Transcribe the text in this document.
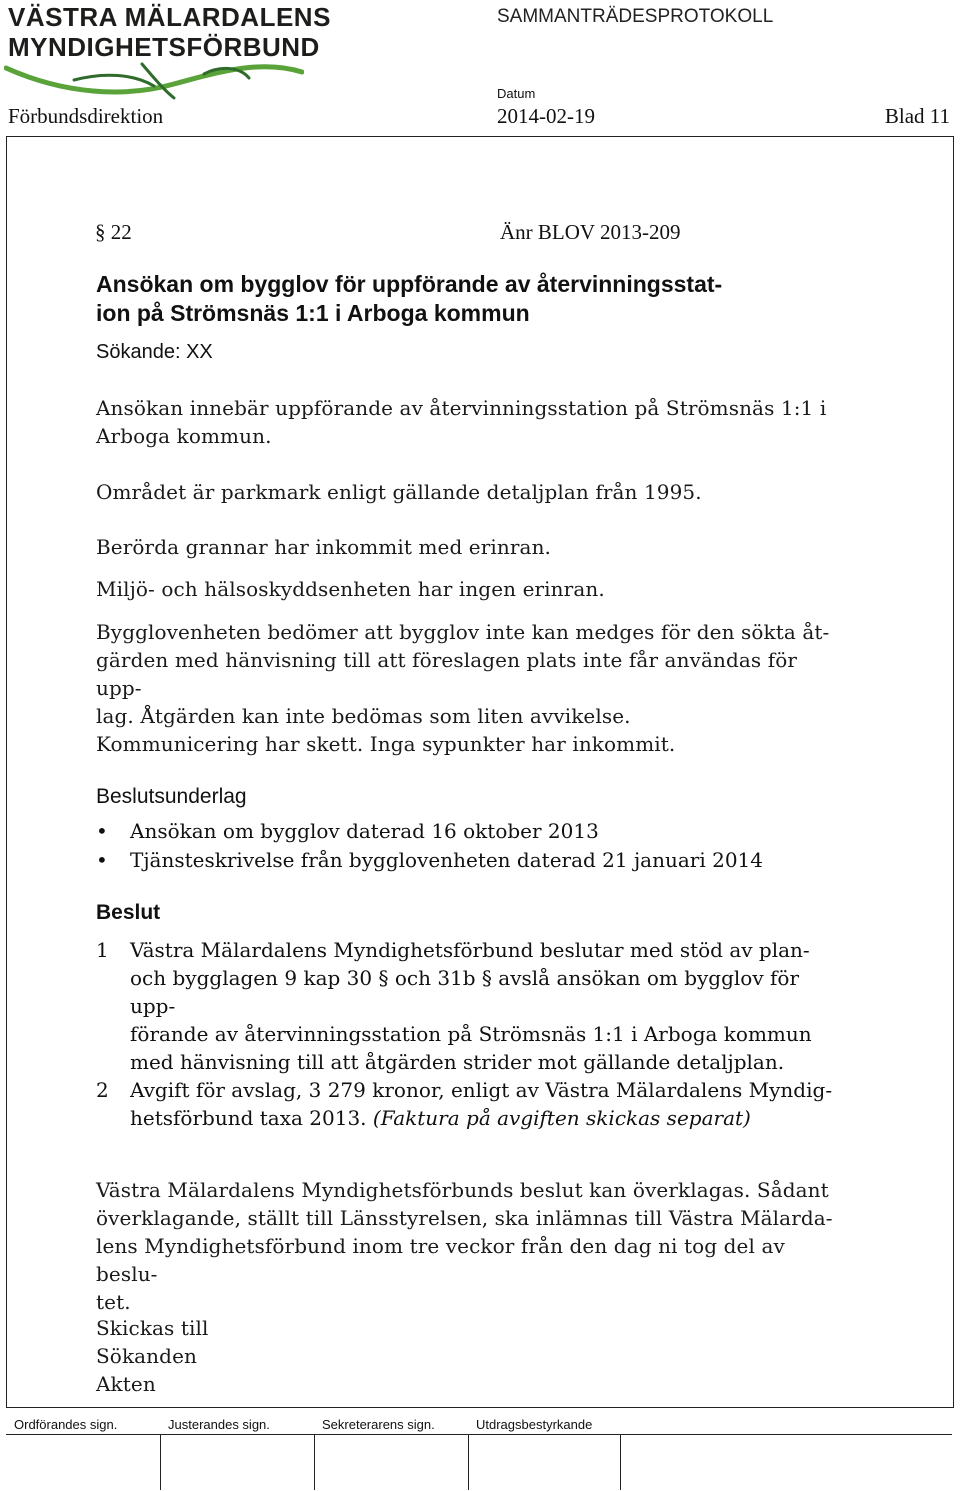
VÄSTRA MÄLARDALENS
MYNDIGHETSFÖRBUND
SAMMANTRÄDESPROTOKOLL
Förbundsdirektion
Datum
2014-02-19	Blad 11
§ 22	Änr BLOV 2013-209
Ansökan om bygglov för uppförande av återvinningsstat-
ion på Strömsnäs 1:1 i Arboga kommun
Sökande: XX
Ansökan innebär uppförande av återvinningsstation på Strömsnäs 1:1 i
Arboga kommun.
Området är parkmark enligt gällande detaljplan från 1995.
Berörda grannar har inkommit med erinran.
Miljö- och hälsoskyddsenheten har ingen erinran.
Bygglovenheten bedömer att bygglov inte kan medges för den sökta åt-
gärden med hänvisning till att föreslagen plats inte får användas för upp-
lag. Åtgärden kan inte bedömas som liten avvikelse.
Kommunicering har skett. Inga sypunkter har inkommit.
Beslutsunderlag
•	Ansökan om bygglov daterad 16 oktober 2013
•	Tjänsteskrivelse från bygglovenheten daterad 21 januari 2014
Beslut
1 Västra Mälardalens Myndighetsförbund beslutar med stöd av plan-
och bygglagen 9 kap 30 § och 31b § avslå ansökan om bygglov för upp-
förande av återvinningsstation på Strömsnäs 1:1 i Arboga kommun
med hänvisning till att åtgärden strider mot gällande detaljplan.
2 Avgift för avslag, 3 279 kronor, enligt av Västra Mälardalens Myndig-
hetsförbund taxa 2013. (Faktura på avgiften skickas separat)
Västra Mälardalens Myndighetsförbunds beslut kan överklagas. Sådant
överklagande, ställt till Länsstyrelsen, ska inlämnas till Västra Mälarda-
lens Myndighetsförbund inom tre veckor från den dag ni tog del av beslu-
tet.
Skickas till
Sökanden
Akten
Ordförandes sign.	Justerandes sign.	Sekreterarens sign.	Utdragsbestyrkande
